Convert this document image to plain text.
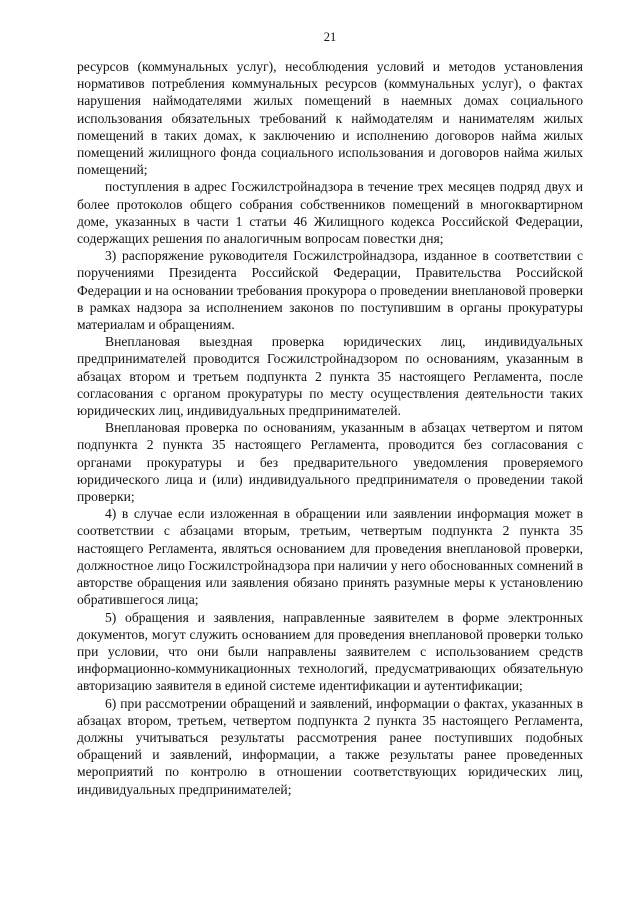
21

ресурсов (коммунальных услуг), несоблюдения условий и методов установления нормативов потребления коммунальных ресурсов (коммунальных услуг), о фактах нарушения наймодателями жилых помещений в наемных домах социального использования обязательных требований к наймодателям и нанимателям жилых помещений в таких домах, к заключению и исполнению договоров найма жилых помещений жилищного фонда социального использования и договоров найма жилых помещений;

поступления в адрес Госжилстройнадзора в течение трех месяцев подряд двух и более протоколов общего собрания собственников помещений в многоквартирном доме, указанных в части 1 статьи 46 Жилищного кодекса Российской Федерации, содержащих решения по аналогичным вопросам повестки дня;

3) распоряжение руководителя Госжилстройнадзора, изданное в соответствии с поручениями Президента Российской Федерации, Правительства Российской Федерации и на основании требования прокурора о проведении внеплановой проверки в рамках надзора за исполнением законов по поступившим в органы прокуратуры материалам и обращениям.

Внеплановая выездная проверка юридических лиц, индивидуальных предпринимателей проводится Госжилстройнадзором по основаниям, указанным в абзацах втором и третьем подпункта 2 пункта 35 настоящего Регламента, после согласования с органом прокуратуры по месту осуществления деятельности таких юридических лиц, индивидуальных предпринимателей.

Внеплановая проверка по основаниям, указанным в абзацах четвертом и пятом подпункта 2 пункта 35 настоящего Регламента, проводится без согласования с органами прокуратуры и без предварительного уведомления проверяемого юридического лица и (или) индивидуального предпринимателя о проведении такой проверки;

4) в случае если изложенная в обращении или заявлении информация может в соответствии с абзацами вторым, третьим, четвертым подпункта 2 пункта 35 настоящего Регламента, являться основанием для проведения внеплановой проверки, должностное лицо Госжилстройнадзора при наличии у него обоснованных сомнений в авторстве обращения или заявления обязано принять разумные меры к установлению обратившегося лица;

5) обращения и заявления, направленные заявителем в форме электронных документов, могут служить основанием для проведения внеплановой проверки только при условии, что они были направлены заявителем с использованием средств информационно-коммуникационных технологий, предусматривающих обязательную авторизацию заявителя в единой системе идентификации и аутентификации;

6) при рассмотрении обращений и заявлений, информации о фактах, указанных в абзацах втором, третьем, четвертом подпункта 2 пункта 35 настоящего Регламента, должны учитываться результаты рассмотрения ранее поступивших подобных обращений и заявлений, информации, а также результаты ранее проведенных мероприятий по контролю в отношении соответствующих юридических лиц, индивидуальных предпринимателей;
